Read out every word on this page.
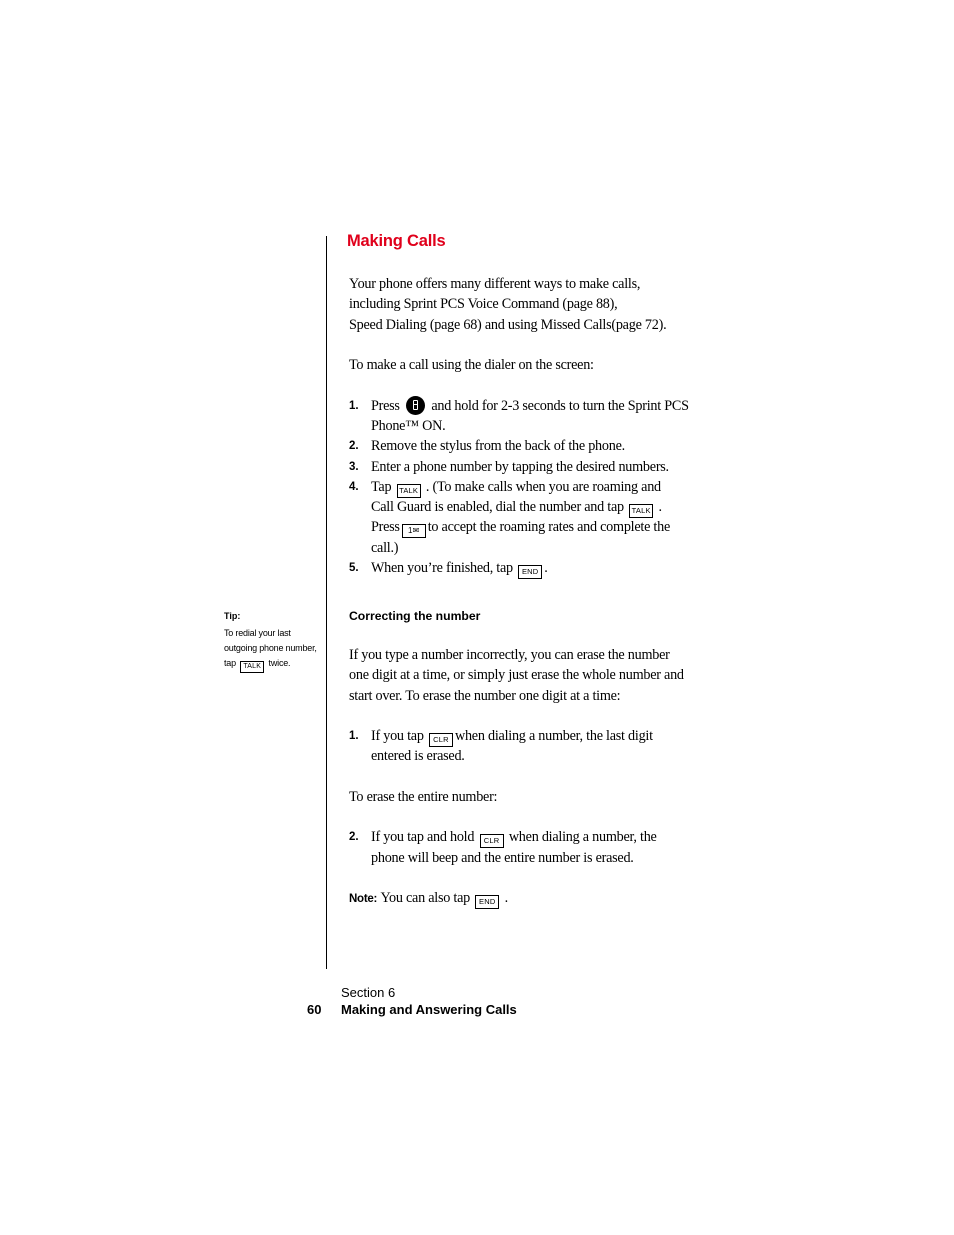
Making Calls
Your phone offers many different ways to make calls,
including Sprint PCS Voice Command (page 88),
Speed Dialing (page 68) and using Missed Calls(page 72).
To make a call using the dialer on the screen:
1. Press and hold for 2-3 seconds to turn the Sprint PCS
Phone™ ON.
2. Remove the stylus from the back of the phone.
3. Enter a phone number by tapping the desired numbers.
4. Tap TALK . (To make calls when you are roaming and
Call Guard is enabled, dial the number and tap TALK .
Press 1✉ to accept the roaming rates and complete the
call.)
5. When you’re finished, tap END .
Tip:
To redial your last
outgoing phone number,
tap TALK twice.
Correcting the number
If you type a number incorrectly, you can erase the number
one digit at a time, or simply just erase the whole number and
start over. To erase the number one digit at a time:
1. If you tap CLR when dialing a number, the last digit
entered is erased.
To erase the entire number:
2. If you tap and hold CLR when dialing a number, the
phone will beep and the entire number is erased.
Note: You can also tap END .
Section 6
60 Making and Answering Calls
